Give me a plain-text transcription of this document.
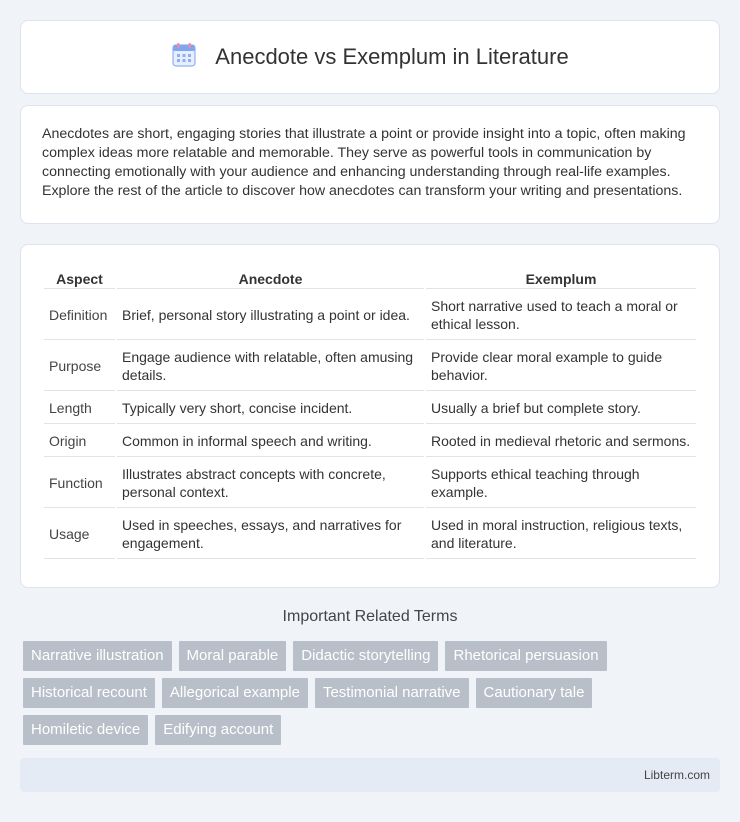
Anecdote vs Exemplum in Literature

Anecdotes are short, engaging stories that illustrate a point or provide insight into a topic, often making complex ideas more relatable and memorable. They serve as powerful tools in communication by connecting emotionally with your audience and enhancing understanding through real-life examples. Explore the rest of the article to discover how anecdotes can transform your writing and presentations.

Aspect	Anecdote	Exemplum
Definition	Brief, personal story illustrating a point or idea.	Short narrative used to teach a moral or ethical lesson.
Purpose	Engage audience with relatable, often amusing details.	Provide clear moral example to guide behavior.
Length	Typically very short, concise incident.	Usually a brief but complete story.
Origin	Common in informal speech and writing.	Rooted in medieval rhetoric and sermons.
Function	Illustrates abstract concepts with concrete, personal context.	Supports ethical teaching through example.
Usage	Used in speeches, essays, and narratives for engagement.	Used in moral instruction, religious texts, and literature.
Important Related Terms
Narrative illustration	Moral parable	Didactic storytelling	Rhetorical persuasion
Historical recount	Allegorical example	Testimonial narrative	Cautionary tale
Homiletic device	Edifying account
Libterm.com
